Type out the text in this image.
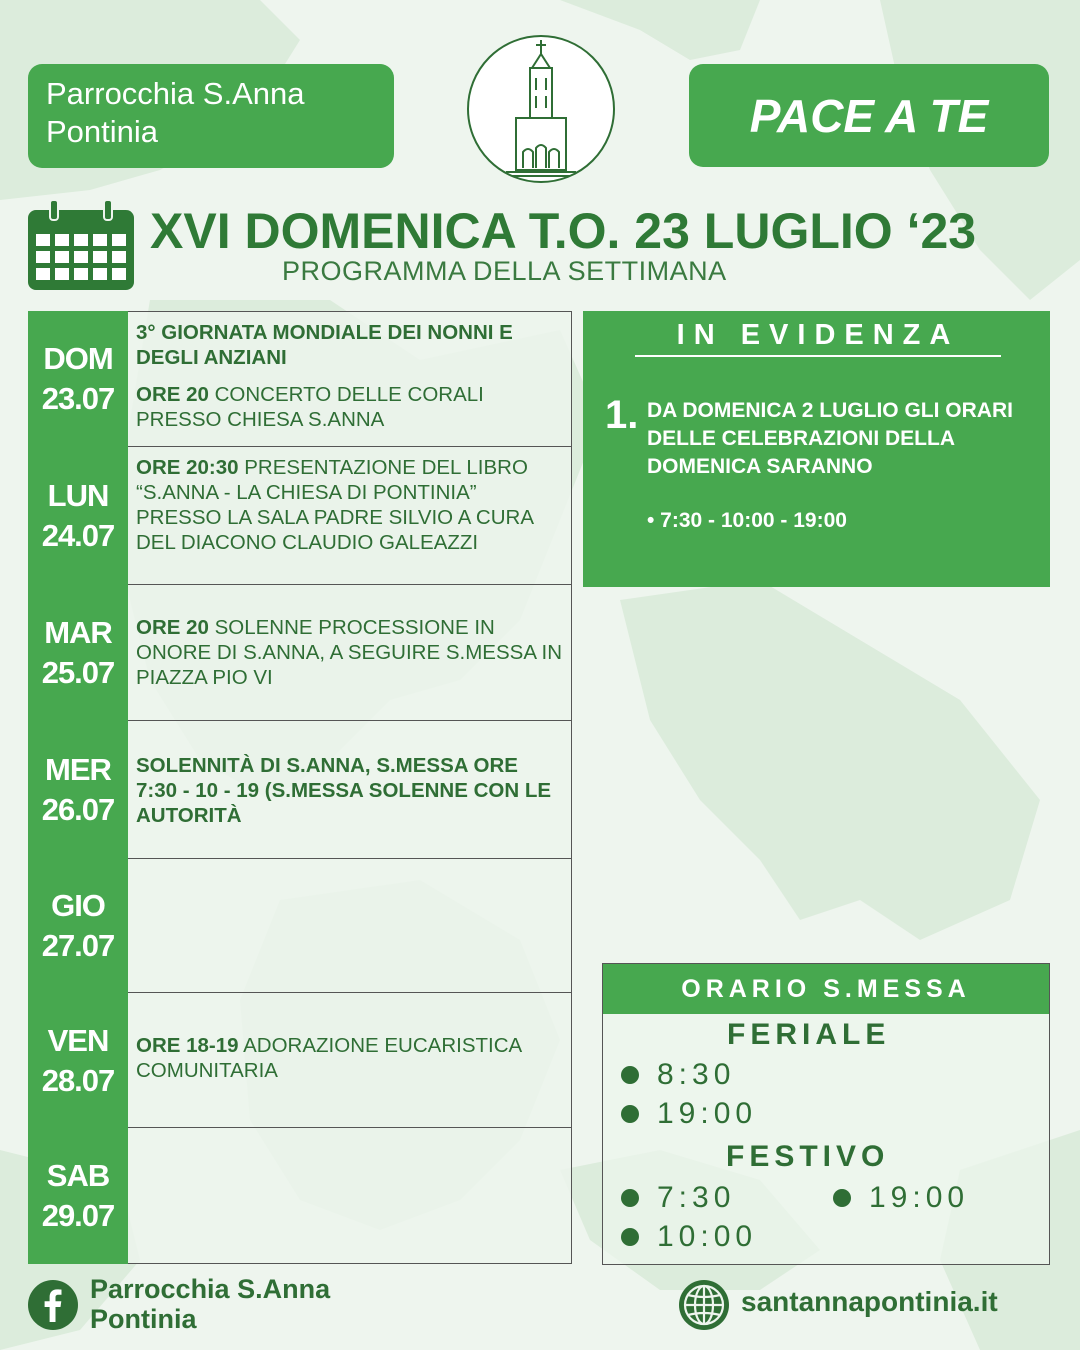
Parrocchia S.Anna
Pontinia	PACE A TE
XVI DOMENICA T.O. 23 LUGLIO ‘23
PROGRAMMA DELLA SETTIMANA
DOM
23.07

3° GIORNATA MONDIALE DEI NONNI E DEGLI ANZIANI

ORE 20 CONCERTO DELLE CORALI PRESSO CHIESA S.ANNA

LUN
24.07

ORE 20:30 PRESENTAZIONE DEL LIBRO “S.ANNA - LA CHIESA DI PONTINIA” PRESSO LA SALA PADRE SILVIO A CURA DEL DIACONO CLAUDIO GALEAZZI

MAR
25.07

ORE 20 SOLENNE PROCESSIONE IN ONORE DI S.ANNA, A SEGUIRE S.MESSA IN PIAZZA PIO VI

MER
26.07

SOLENNITÀ DI S.ANNA, S.MESSA ORE 7:30 - 10 - 19 (S.MESSA SOLENNE CON LE AUTORITÀ

GIO
27.07
VEN
28.07

ORE 18-19 ADORAZIONE EUCARISTICA COMUNITARIA

SAB
29.07
IN EVIDENZA
1. DA DOMENICA 2 LUGLIO GLI ORARI DELLE CELEBRAZIONI DELLA DOMENICA SARANNO
• 7:30 - 10:00 - 19:00
ORARIO S.MESSA
FERIALE
8:30
19:00
FESTIVO
7:30	19:00
10:00
Parrocchia S.Anna
Pontinia
santannapontinia.it
